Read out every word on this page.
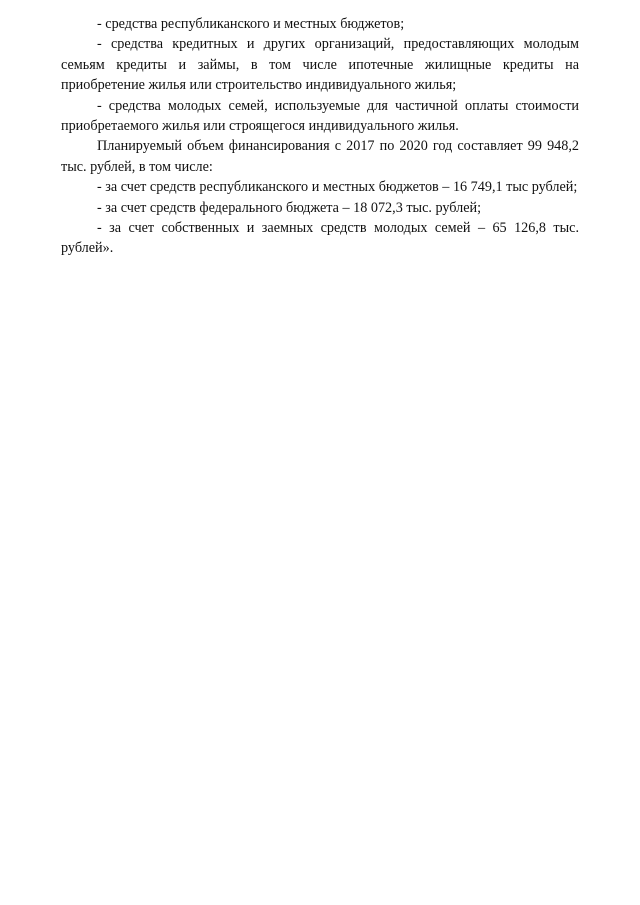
- средства республиканского и местных бюджетов;

- средства кредитных и других организаций, предоставляющих молодым семьям кредиты и займы, в том числе ипотечные жилищные кредиты на приобретение жилья или строительство индивидуального жилья;

- средства молодых семей, используемые для частичной оплаты стоимости приобретаемого жилья или строящегося индивидуального жилья.

Планируемый объем финансирования с 2017 по 2020 год составляет 99 948,2  тыс. рублей, в том числе:

- за счет средств республиканского и местных бюджетов – 16 749,1 тыс рублей;

- за счет средств федерального бюджета – 18 072,3 тыс. рублей;

- за счет собственных и заемных средств молодых семей – 65 126,8 тыс. рублей».
